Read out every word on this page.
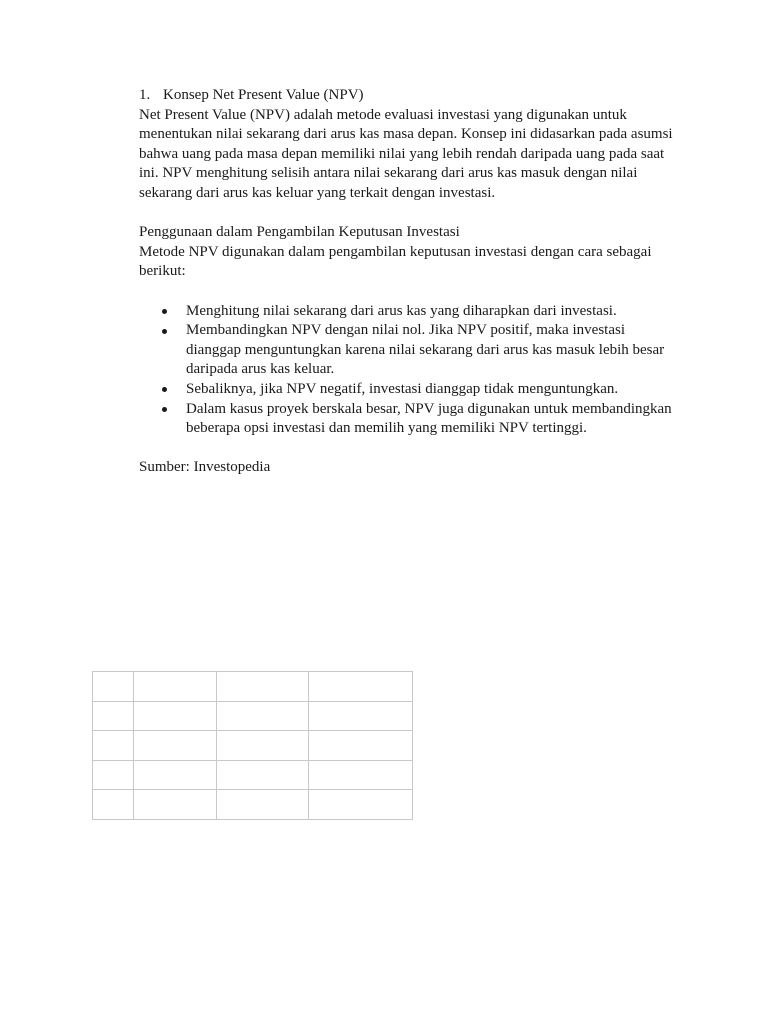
1. Konsep Net Present Value (NPV)

Net Present Value (NPV) adalah metode evaluasi investasi yang digunakan untuk menentukan nilai sekarang dari arus kas masa depan. Konsep ini didasarkan pada asumsi bahwa uang pada masa depan memiliki nilai yang lebih rendah daripada uang pada saat ini. NPV menghitung selisih antara nilai sekarang dari arus kas masuk dengan nilai sekarang dari arus kas keluar yang terkait dengan investasi.

Penggunaan dalam Pengambilan Keputusan Investasi

Metode NPV digunakan dalam pengambilan keputusan investasi dengan cara sebagai berikut:

Menghitung nilai sekarang dari arus kas yang diharapkan dari investasi.
Membandingkan NPV dengan nilai nol. Jika NPV positif, maka investasi dianggap menguntungkan karena nilai sekarang dari arus kas masuk lebih besar daripada arus kas keluar.
Sebaliknya, jika NPV negatif, investasi dianggap tidak menguntungkan.
Dalam kasus proyek berskala besar, NPV juga digunakan untuk membandingkan beberapa opsi investasi dan memilih yang memiliki NPV tertinggi.

Sumber: Investopedia
